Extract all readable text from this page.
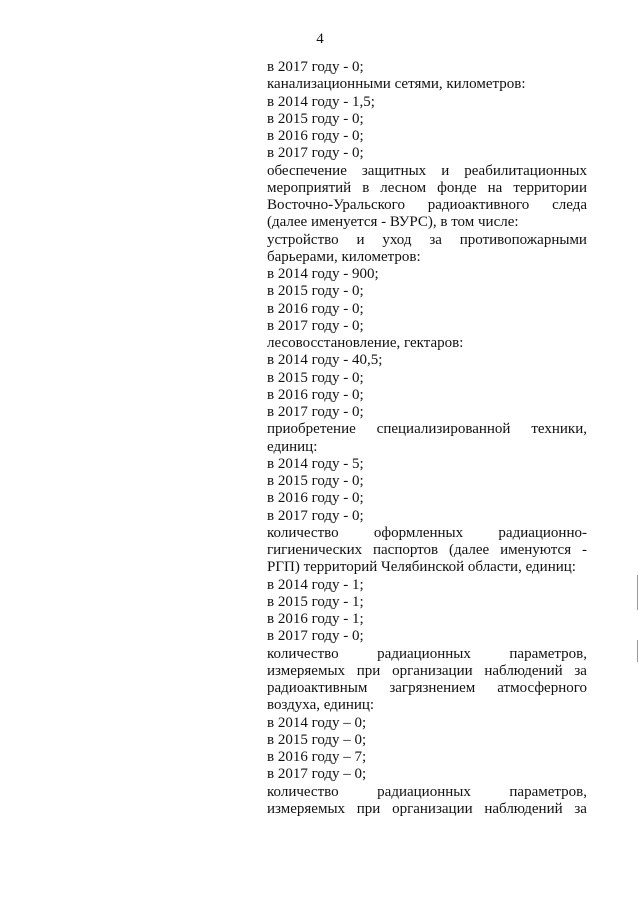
4
в 2017 году - 0;
канализационными сетями, километров:
в 2014 году - 1,5;
в 2015 году - 0;
в 2016 году - 0;
в 2017 году - 0;
обеспечение защитных и реабилитационных
мероприятий в лесном фонде на территории
Восточно-Уральского радиоактивного следа
(далее именуется - ВУРС), в том числе:
устройство и уход за противопожарными
барьерами, километров:
в 2014 году - 900;
в 2015 году - 0;
в 2016 году - 0;
в 2017 году - 0;
лесовосстановление, гектаров:
в 2014 году - 40,5;
в 2015 году - 0;
в 2016 году - 0;
в 2017 году - 0;
приобретение специализированной техники,
единиц:
в 2014 году - 5;
в 2015 году - 0;
в 2016 году - 0;
в 2017 году - 0;
количество оформленных радиационно-
гигиенических паспортов (далее именуются -
РГП) территорий Челябинской области, единиц:
в 2014 году - 1;
в 2015 году - 1;
в 2016 году - 1;
в 2017 году - 0;
количество	радиационных	параметров,
измеряемых при организации наблюдений за
радиоактивным загрязнением атмосферного
воздуха, единиц:
в 2014 году – 0;
в 2015 году – 0;
в 2016 году – 7;
в 2017 году – 0;
количество	радиационных	параметров,
измеряемых при организации наблюдений за
